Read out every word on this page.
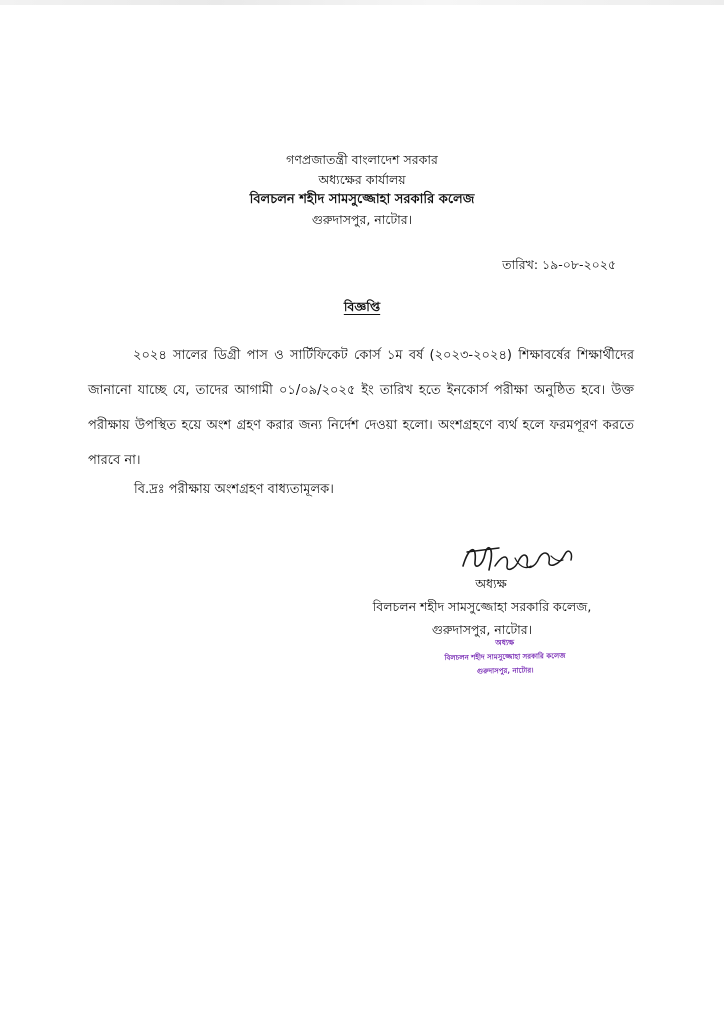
গণপ্রজাতন্ত্রী বাংলাদেশ সরকার
অধ্যক্ষের কার্যালয়
বিলচলন শহীদ সামসুজ্জোহা সরকারি কলেজ
গুরুদাসপুর, নাটোর।
তারিখ: ১৯-০৮-২০২৫
বিজ্ঞপ্তি

২০২৪ সালের ডিগ্রী পাস ও সার্টিফিকেট কোর্স ১ম বর্ষ (২০২৩-২০২৪) শিক্ষাবর্ষের শিক্ষার্থীদের জানানো যাচ্ছে যে, তাদের আগামী ০১/০৯/২০২৫ ইং তারিখ হতে ইনকোর্স পরীক্ষা অনুষ্ঠিত হবে। উক্ত পরীক্ষায় উপস্থিত হয়ে অংশ গ্রহণ করার জন্য নির্দেশ দেওয়া হলো। অংশগ্রহণে ব্যর্থ হলে ফরমপূরণ করতে পারবে না।

বি.দ্রঃ পরীক্ষায় অংশগ্রহণ বাধ্যতামূলক।
অধ্যক্ষ
বিলচলন শহীদ সামসুজ্জোহা সরকারি কলেজ,
গুরুদাসপুর, নাটোর।
অধ্যক্ষ
বিলচলন শহীদ সামসুজ্জোহা সরকারি কলেজ
গুরুদাসপুর, নাটোর।
